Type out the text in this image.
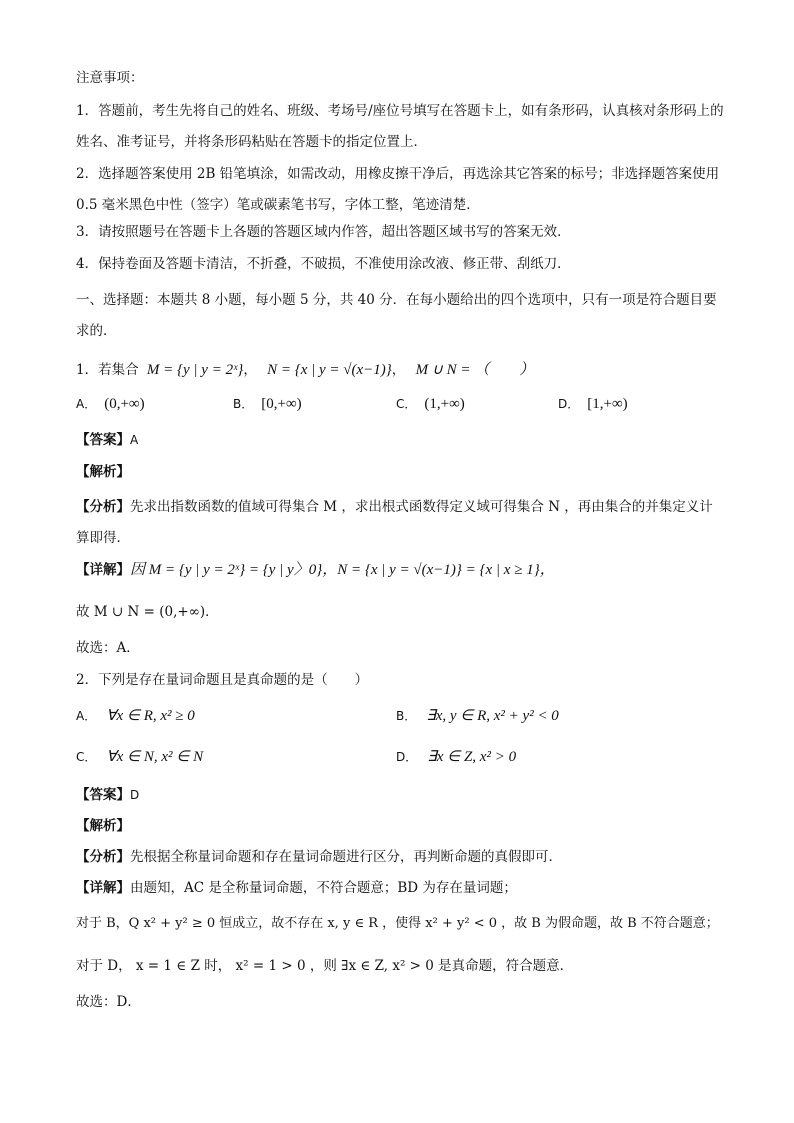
注意事项：
1．答题前，考生先将自己的姓名、班级、考场号/座位号填写在答题卡上，如有条形码，认真核对条形码上的姓名、准考证号，并将条形码粘贴在答题卡的指定位置上．
2．选择题答案使用 2B 铅笔填涂，如需改动，用橡皮擦干净后，再选涂其它答案的标号；非选择题答案使用 0.5 毫米黑色中性（签字）笔或碳素笔书写，字体工整，笔迹清楚．
3．请按照题号在答题卡上各题的答题区域内作答，超出答题区域书写的答案无效．
4．保持卷面及答题卡清洁，不折叠，不破损，不准使用涂改液、修正带、刮纸刀．
一、选择题：本题共 8 小题，每小题 5 分，共 40 分．在每小题给出的四个选项中，只有一项是符合题目要求的．
1．若集合 M = {y | y = 2ˣ}， N = {x | y = √(x−1)}， M ∪ N = （　　）
A． (0,+∞)	B． [0,+∞)	C． (1,+∞)	D． [1,+∞)
【答案】A
【解析】
【分析】先求出指数函数的值域可得集合 M ，求出根式函数得定义域可得集合 N ，再由集合的并集定义计算即得．
【详解】因 M = {y | y = 2ˣ} = {y | y〉0}，N = {x | y = √(x−1)} = {x | x ≥ 1}，
故 M ∪ N = (0,+∞)．
故选：A．
2．下列是存在量词命题且是真命题的是（　　）
A． ∀x ∈ R, x² ≥ 0	B． ∃x, y ∈ R, x² + y² < 0
C． ∀x ∈ N, x² ∈ N	D． ∃x ∈ Z, x² > 0
【答案】D
【解析】
【分析】先根据全称量词命题和存在量词命题进行区分，再判断命题的真假即可．
【详解】由题知，AC 是全称量词命题，不符合题意；BD 为存在量词题；
对于 B，Q x² + y² ≥ 0 恒成立，故不存在 x, y ∈ R ，使得 x² + y² < 0 ，故 B 为假命题，故 B 不符合题意；
对于 D， x = 1 ∈ Z 时， x² = 1 > 0 ，则 ∃x ∈ Z, x² > 0 是真命题，符合题意．
故选：D．
